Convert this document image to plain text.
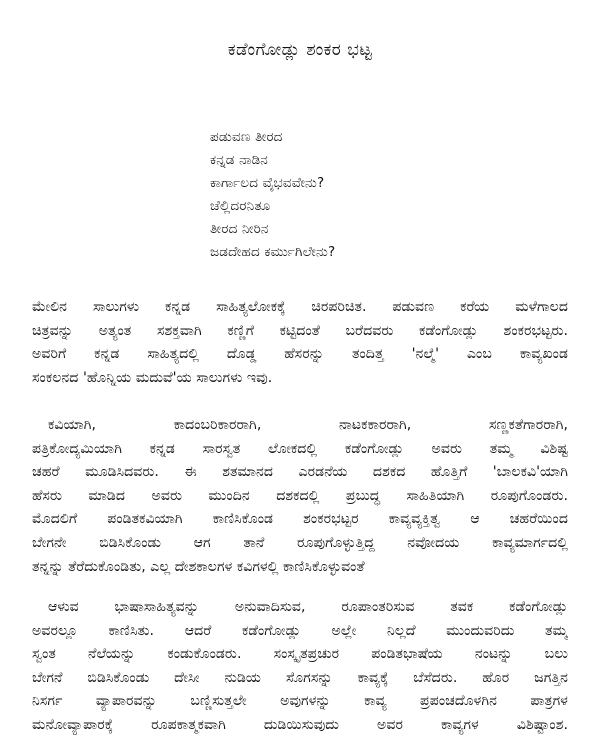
ಕಡೆಂಗೋಡ್ಲು ಶಂಕರ ಭಟ್ಟ
ಪಡುವಣ ತೀರದ
ಕನ್ನಡ ನಾಡಿನ
ಕಾರ್ಗಾಲದ ವೈಭವವೇನು?
ಚೆಲ್ಲಿದರನಿತೂ
ತೀರದ ನೀರಿನ
ಜಡದೇಹದ ಕರ್ಮುಗಿಲೇನು?

ಮೇಲಿನ ಸಾಲುಗಳು ಕನ್ನಡ ಸಾಹಿತ್ಯಲೋಕಕ್ಕೆ ಚಿರಪರಿಚಿತ. ಪಡುವಣ ಕರೆಯ ಮಳೆಗಾಲದ
ಚಿತ್ರವನ್ನು ಅತ್ಯಂತ ಸಶಕ್ತವಾಗಿ ಕಣ್ಣಿಗೆ ಕಟ್ಟಿದಂತೆ ಬರೆದವರು ಕಡೆಂಗೋಡ್ಲು ಶಂಕರಭಟ್ಟರು.
ಅವರಿಗೆ ಕನ್ನಡ ಸಾಹಿತ್ಯದಲ್ಲಿ ದೊಡ್ಡ ಹೆಸರನ್ನು ತಂದಿತ್ತ 'ನಲ್ಮೆ' ಎಂಬ ಕಾವ್ಯಖಂಡ
ಸಂಕಲನದ 'ಹೊನ್ನಿಯ ಮದುವೆ'ಯ ಸಾಲುಗಳು ಇವು.

ಕವಿಯಾಗಿ, ಕಾದಂಬರಿಕಾರರಾಗಿ, ನಾಟಕಕಾರರಾಗಿ, ಸಣ್ಣಕತೆಗಾರರಾಗಿ,
ಪತ್ರಿಕೋದ್ಯಮಿಯಾಗಿ ಕನ್ನಡ ಸಾರಸ್ವತ ಲೋಕದಲ್ಲಿ ಕಡೆಂಗೋಡ್ಲು ಅವರು ತಮ್ಮ ವಿಶಿಷ್ಟ
ಚಹರೆ ಮೂಡಿಸಿದವರು. ಈ ಶತಮಾನದ ಎರಡನೆಯ ದಶಕದ ಹೊತ್ತಿಗೆ 'ಬಾಲಕವಿ'ಯಾಗಿ
ಹೆಸರು ಮಾಡಿದ ಅವರು ಮುಂದಿನ ದಶಕದಲ್ಲಿ ಪ್ರಬುದ್ಧ ಸಾಹಿತಿಯಾಗಿ ರೂಪುಗೊಂಡರು.
ಮೊದಲಿಗೆ ಪಂಡಿತಕವಿಯಾಗಿ ಕಾಣಿಸಿಕೊಂಡ ಶಂಕರಭಟ್ಟರ ಕಾವ್ಯವ್ಯಕ್ತಿತ್ವ ಆ ಚಹರೆಯಿಂದ
ಬೇಗನೇ ಬಿಡಿಸಿಕೊಂಡು ಆಗ ತಾನೆ ರೂಪುಗೊಳ್ಳುತ್ತಿದ್ದ ನವೋದಯ ಕಾವ್ಯಮಾರ್ಗದಲ್ಲಿ
ತನ್ನನ್ನು ತೆರೆದುಕೊಂಡಿತು, ಎಲ್ಲ ದೇಶಕಾಲಗಳ ಕವಿಗಳಲ್ಲಿ ಕಾಣಿಸಿಕೊಳ್ಳುವಂತೆ

ಆಳುವ ಭಾಷಾಸಾಹಿತ್ಯವನ್ನು ಅನುವಾದಿಸುವ, ರೂಪಾಂತರಿಸುವ ತವಕ ಕಡೆಂಗೋಡ್ಲು
ಅವರಲ್ಲೂ ಕಾಣಿಸಿತು. ಆದರೆ ಕಡೆಂಗೋಡ್ಲು ಅಲ್ಲೇ ನಿಲ್ಲದೆ ಮುಂದುವರಿದು ತಮ್ಮ
ಸ್ವಂತ ನೆಲೆಯನ್ನು ಕಂಡುಕೊಂಡರು. ಸಂಸ್ಕೃತಪ್ರಚುರ ಪಂಡಿತಭಾಷೆಯ ನಂಟನ್ನು ಬಲು
ಬೇಗನೆ ಬಿಡಿಸಿಕೊಂಡು ದೇಸೀ ನುಡಿಯ ಸೊಗಸನ್ನು ಕಾವ್ಯಕ್ಕೆ ಬೆಸೆದರು. ಹೊರ ಜಗತ್ತಿನ
ನಿಸರ್ಗ ವ್ಯಾಪಾರವನ್ನು ಬಣ್ಣಿಸುತ್ತಲೇ ಅವುಗಳನ್ನು ಕಾವ್ಯ ಪ್ರಪಂಚದೊಳಗಿನ ಪಾತ್ರಗಳ
ಮನೋವ್ಯಾಪಾರಕ್ಕೆ ರೂಪಕಾತ್ಮಕವಾಗಿ ದುಡಿಯಿಸುವುದು ಅವರ ಕಾವ್ಯಗಳ ವಿಶಿಷ್ಟಾಂಶ.
